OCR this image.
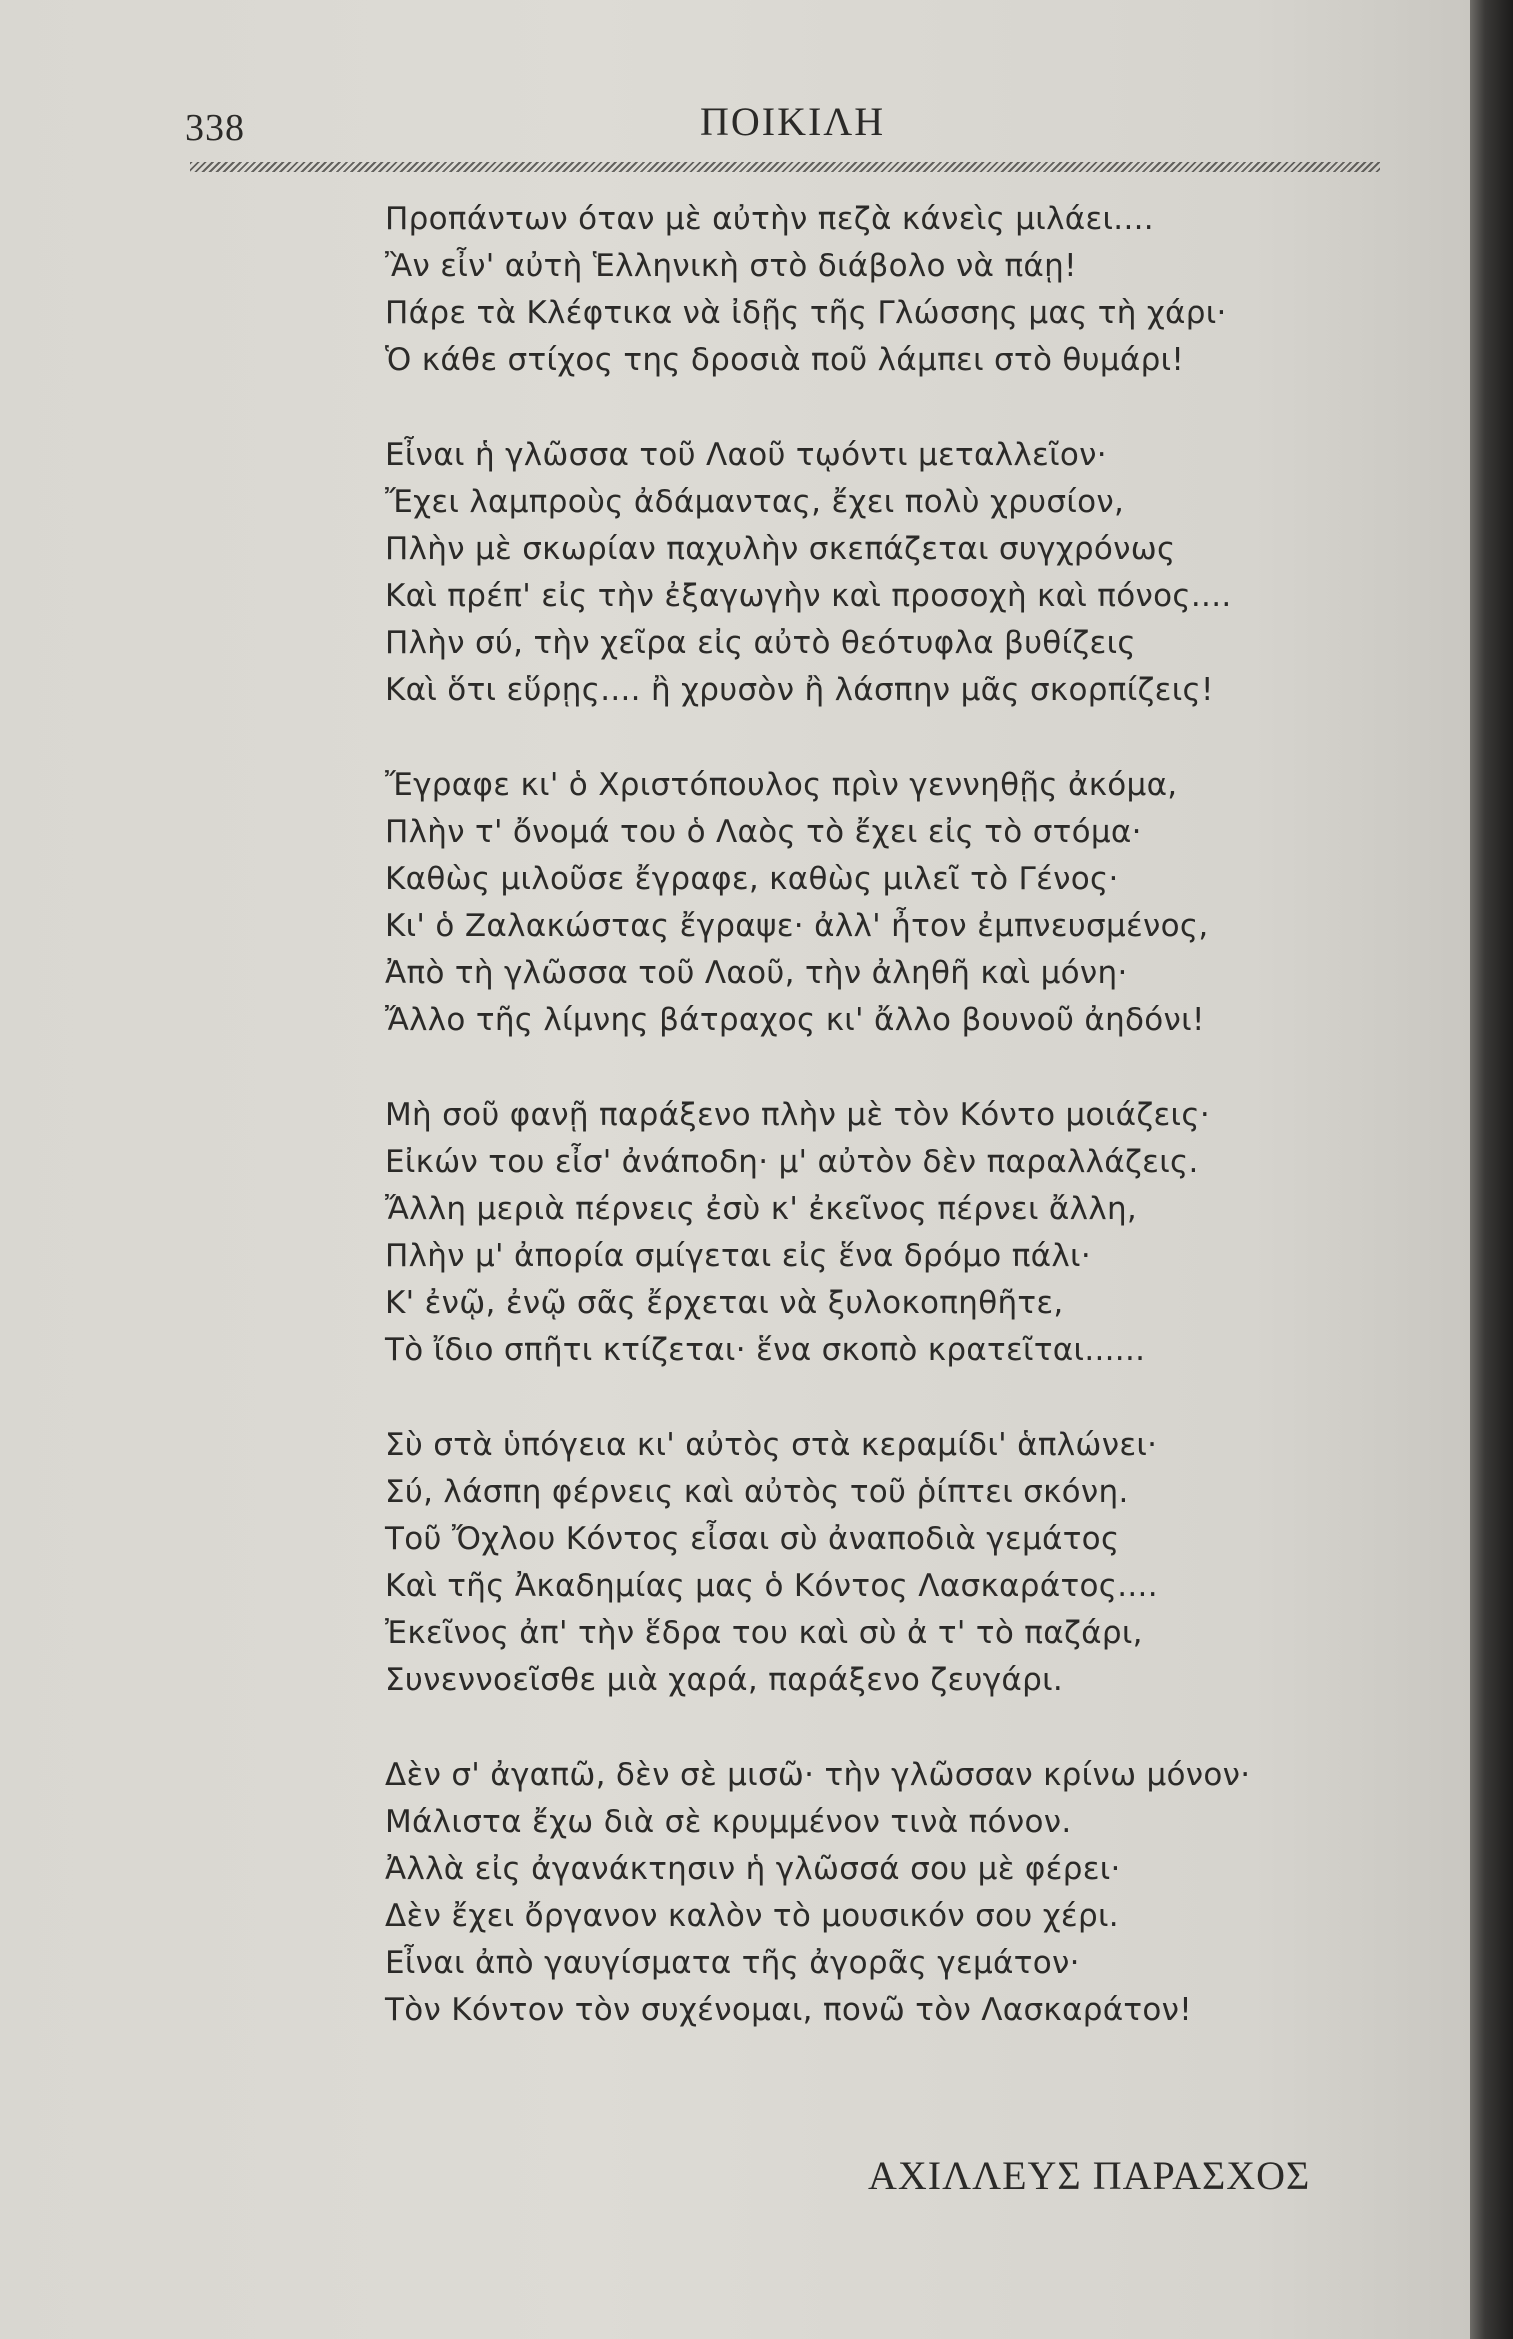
338	ΠΟΙΚΙΛΗ
Προπάντων όταν μὲ αὐτὴν πεζὰ κάνεὶς μιλάει....
Ἂν εἶν' αὐτὴ Ἑλληνικὴ στὸ διάβολο νὰ πάῃ!
Πάρε τὰ Κλέφτικα νὰ ἰδῇς τῆς Γλώσσης μας τὴ χάρι·
Ὁ κάθε στίχος της δροσιὰ ποῦ λάμπει στὸ θυμάρι!
Εἶναι ἡ γλῶσσα τοῦ Λαοῦ τῳόντι μεταλλεῖον·
Ἔχει λαμπροὺς ἀδάμαντας, ἔχει πολὺ χρυσίον,
Πλὴν μὲ σκωρίαν παχυλὴν σκεπάζεται συγχρόνως
Καὶ πρέπ' εἰς τὴν ἐξαγωγὴν καὶ προσοχὴ καὶ πόνος....
Πλὴν σύ, τὴν χεῖρα εἰς αὐτὸ θεότυφλα βυθίζεις
Καὶ ὅτι εὕρῃς.... ἢ χρυσὸν ἢ λάσπην μᾶς σκορπίζεις!
Ἔγραφε κι' ὁ Χριστόπουλος πρὶν γεννηθῇς ἀκόμα,
Πλὴν τ' ὄνομά του ὁ Λαὸς τὸ ἔχει εἰς τὸ στόμα·
Καθὼς μιλοῦσε ἔγραφε, καθὼς μιλεῖ τὸ Γένος·
Κι' ὁ Ζαλακώστας ἔγραψε· ἀλλ' ἦτον ἐμπνευσμένος,
Ἀπὸ τὴ γλῶσσα τοῦ Λαοῦ, τὴν ἀληθῆ καὶ μόνη·
Ἄλλο τῆς λίμνης βάτραχος κι' ἄλλο βουνοῦ ἀηδόνι!
Μὴ σοῦ φανῇ παράξενο πλὴν μὲ τὸν Κόντο μοιάζεις·
Εἰκών του εἶσ' ἀνάποδη· μ' αὐτὸν δὲν παραλλάζεις.
Ἄλλη μεριὰ πέρνεις ἐσὺ κ' ἐκεῖνος πέρνει ἄλλη,
Πλὴν μ' ἀπορία σμίγεται εἰς ἕνα δρόμο πάλι·
Κ' ἐνῷ, ἐνῷ σᾶς ἔρχεται νὰ ξυλοκοπηθῆτε,
Τὸ ἴδιο σπῆτι κτίζεται· ἕνα σκοπὸ κρατεῖται......
Σὺ στὰ ὑπόγεια κι' αὐτὸς στὰ κεραμίδι' ἁπλώνει·
Σύ, λάσπη φέρνεις καὶ αὐτὸς τοῦ ῥίπτει σκόνη.
Τοῦ Ὄχλου Κόντος εἶσαι σὺ ἀναποδιὰ γεμάτος
Καὶ τῆς Ἀκαδημίας μας ὁ Κόντος Λασκαράτος....
Ἐκεῖνος ἀπ' τὴν ἕδρα του καὶ σὺ ἀ τ' τὸ παζάρι,
Συνεννοεῖσθε μιὰ χαρά, παράξενο ζευγάρι.
Δὲν σ' ἀγαπῶ, δὲν σὲ μισῶ· τὴν γλῶσσαν κρίνω μόνον·
Μάλιστα ἔχω διὰ σὲ κρυμμένον τινὰ πόνον.
Ἀλλὰ εἰς ἀγανάκτησιν ἡ γλῶσσά σου μὲ φέρει·
Δὲν ἔχει ὄργανον καλὸν τὸ μουσικόν σου χέρι.
Εἶναι ἀπὸ γαυγίσματα τῆς ἀγορᾶς γεμάτον·
Τὸν Κόντον τὸν συχένομαι, πονῶ τὸν Λασκαράτον!
ΑΧΙΛΛΕΥΣ ΠΑΡΑΣΧΟΣ
